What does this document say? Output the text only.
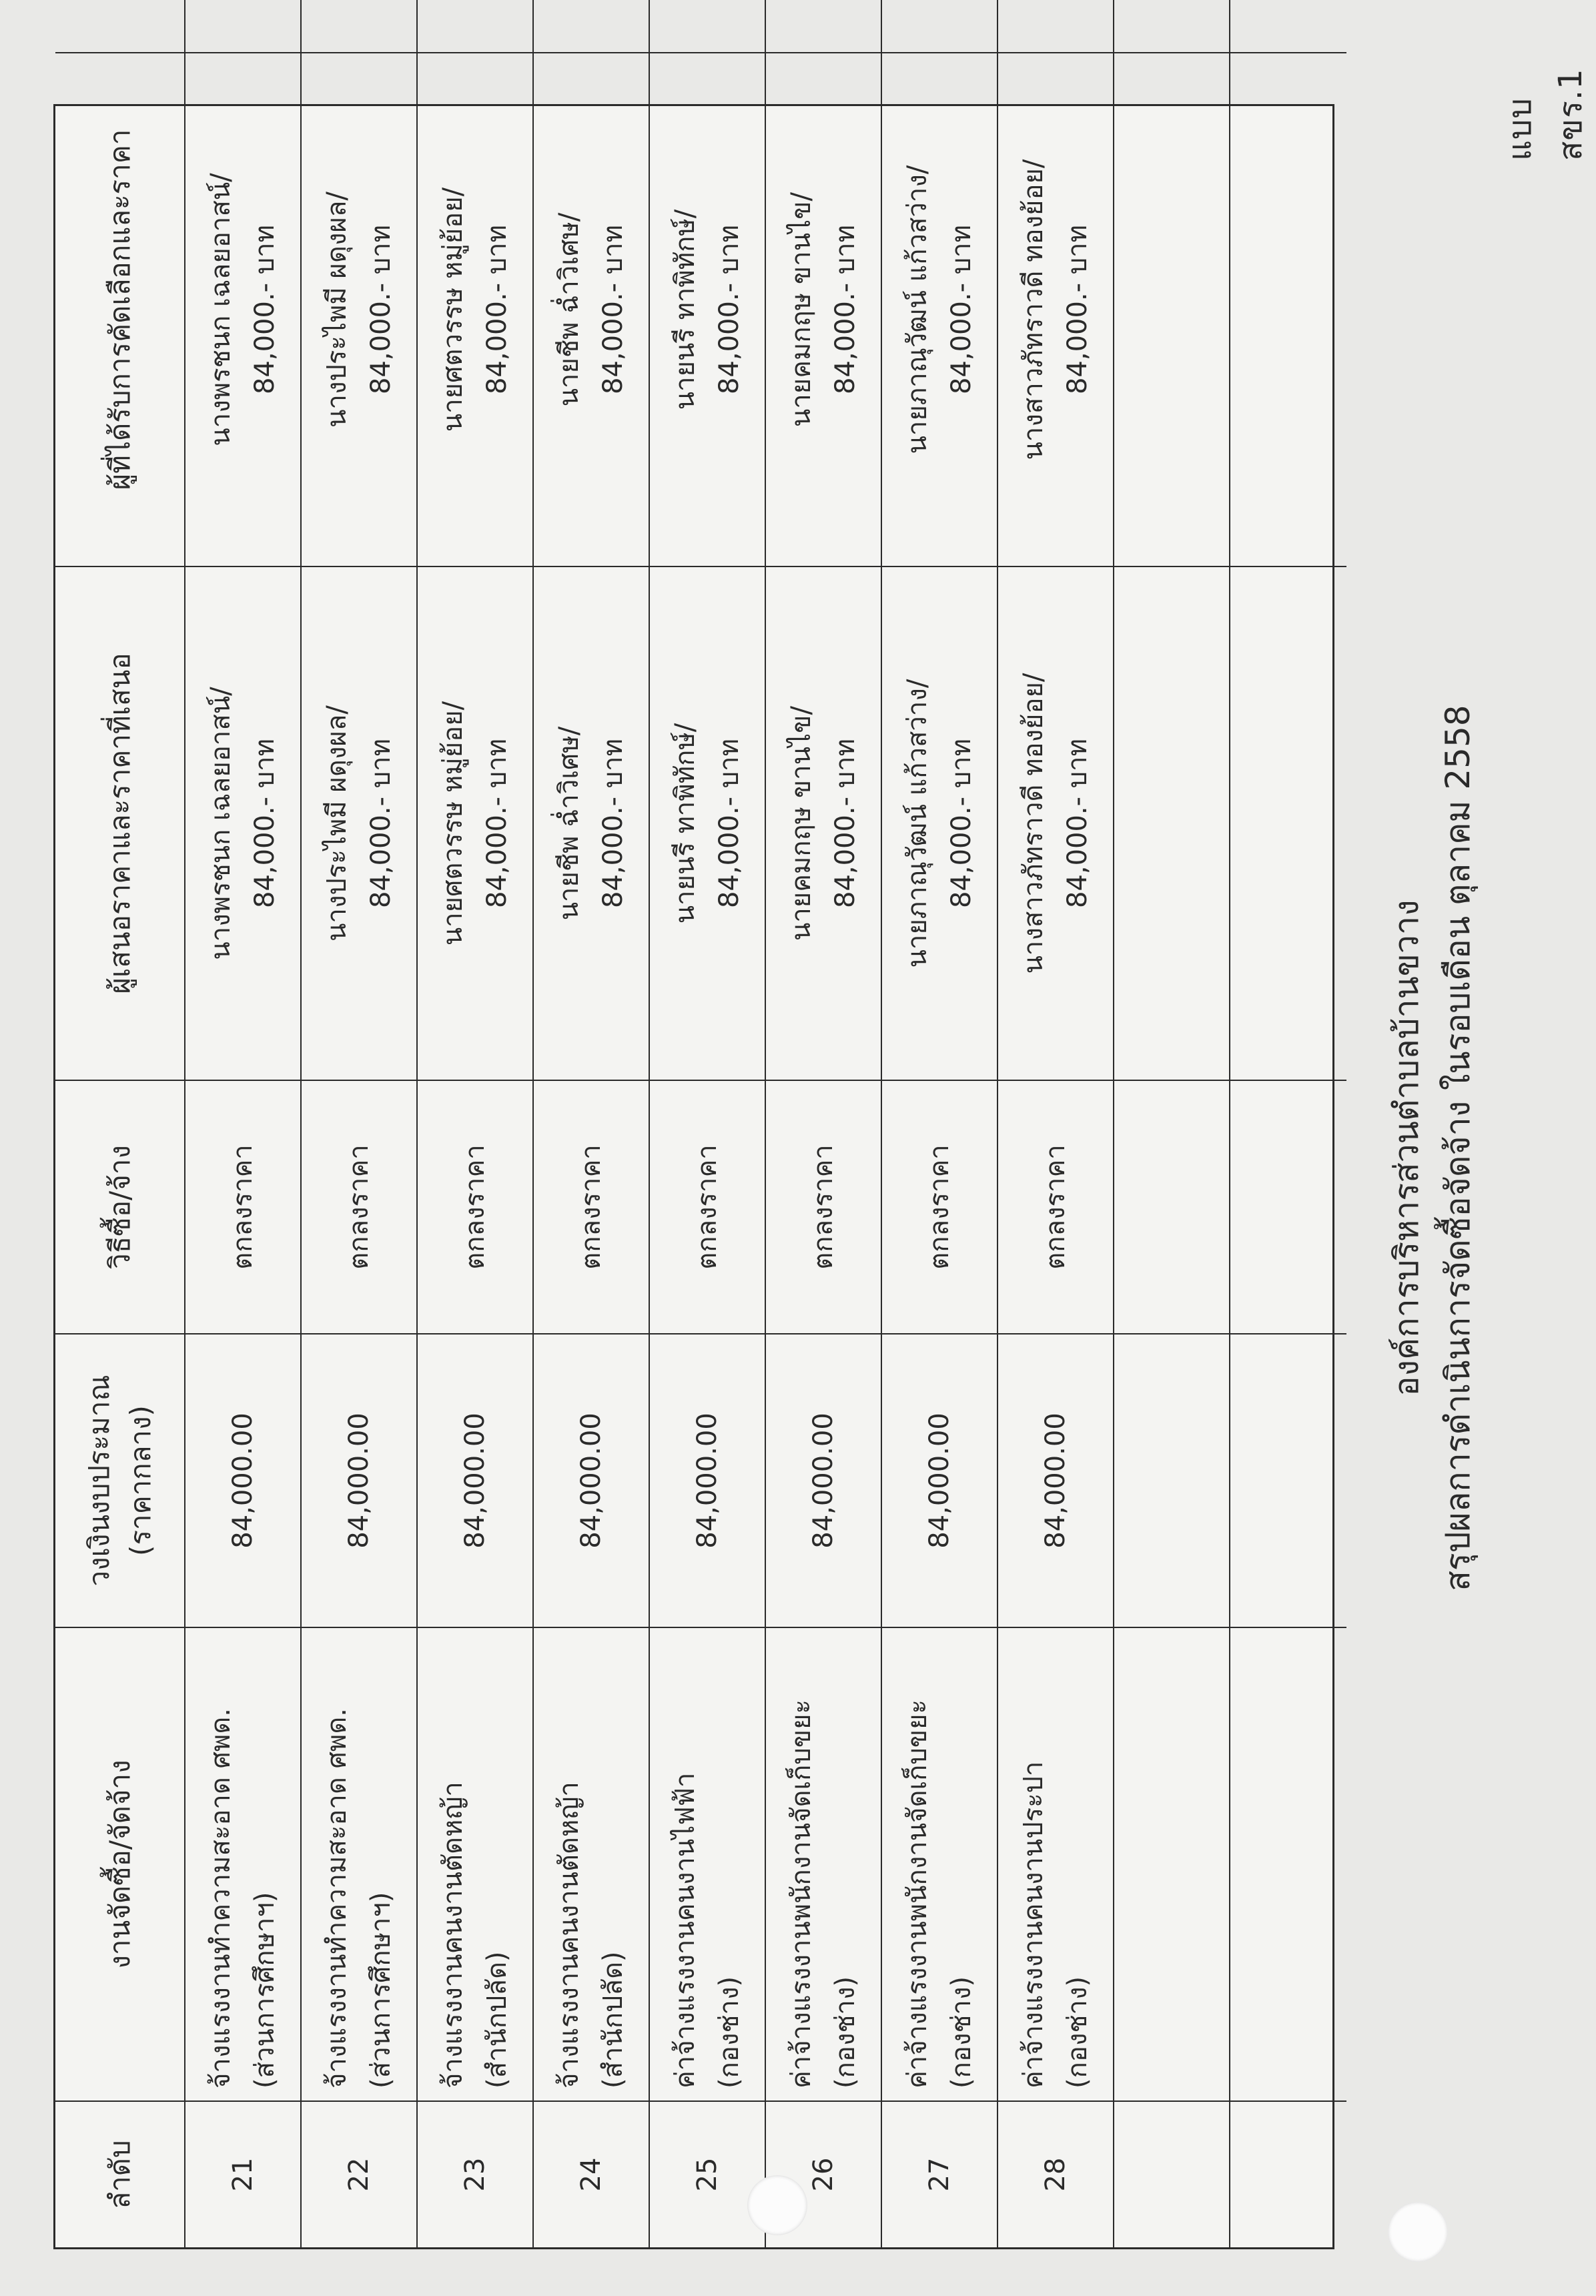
แบบ สขร.1
สรุปผลการดำเนินการจัดซื้อจัดจ้าง ในรอบเดือน ตุลาคม 2558
องค์การบริหารส่วนตำบลบ้านขวาง
ลำดับ
งานจัดซื้อ/จัดจ้าง
วงเงินงบประมาณ (ราคากลาง)
วิธีซื้อ/จ้าง
ผู้เสนอราคาและราคาที่เสนอ
ผู้ที่ได้รับการคัดเลือกและราคา
21
จ้างแรงงานทำความสะอาด ศพด. (ส่วนการศึกษาฯ)
84,000.00
ตกลงราคา
นางพรชนก เฉลยอาสน์/ 84,000.- บาท
นางพรชนก เฉลยอาสน์/ 84,000.- บาท
22
จ้างแรงงานทำความสะอาด ศพด. (ส่วนการศึกษาฯ)
84,000.00
ตกลงราคา
นางประไพมี ผดุงผล/ 84,000.- บาท
นางประไพมี ผดุงผล/ 84,000.- บาท
23
จ้างแรงงานคนงานตัดหญ้า (สำนักปลัด)
84,000.00
ตกลงราคา
นายศตวรรษ หมู่ย้อย/ 84,000.- บาท
นายศตวรรษ หมู่ย้อย/ 84,000.- บาท
24
จ้างแรงงานคนงานตัดหญ้า (สำนักปลัด)
84,000.00
ตกลงราคา
นายชีพ ฉ่ำวิเศษ/ 84,000.- บาท
นายชีพ ฉ่ำวิเศษ/ 84,000.- บาท
25
ค่าจ้างแรงงานคนงานไฟฟ้า (กองช่าง)
84,000.00
ตกลงราคา
นายนรี ทาพิทักษ์/ 84,000.- บาท
นายนรี ทาพิทักษ์/ 84,000.- บาท
26
ค่าจ้างแรงงานพนักงานจัดเก็บขยะ (กองช่าง)
84,000.00
ตกลงราคา
นายคมกฤษ ขานไข/ 84,000.- บาท
นายคมกฤษ ขานไข/ 84,000.- บาท
27
ค่าจ้างแรงงานพนักงานจัดเก็บขยะ (กองช่าง)
84,000.00
ตกลงราคา
นายภาณุวัฒน์ แก้วสว่าง/ 84,000.- บาท
นายภาณุวัฒน์ แก้วสว่าง/ 84,000.- บาท
28
ค่าจ้างแรงงานคนงานประปา (กองช่าง)
84,000.00
ตกลงราคา
นางสาวภัทราวดี ทองย้อย/ 84,000.- บาท
นางสาวภัทราวดี ทองย้อย/ 84,000.- บาท
